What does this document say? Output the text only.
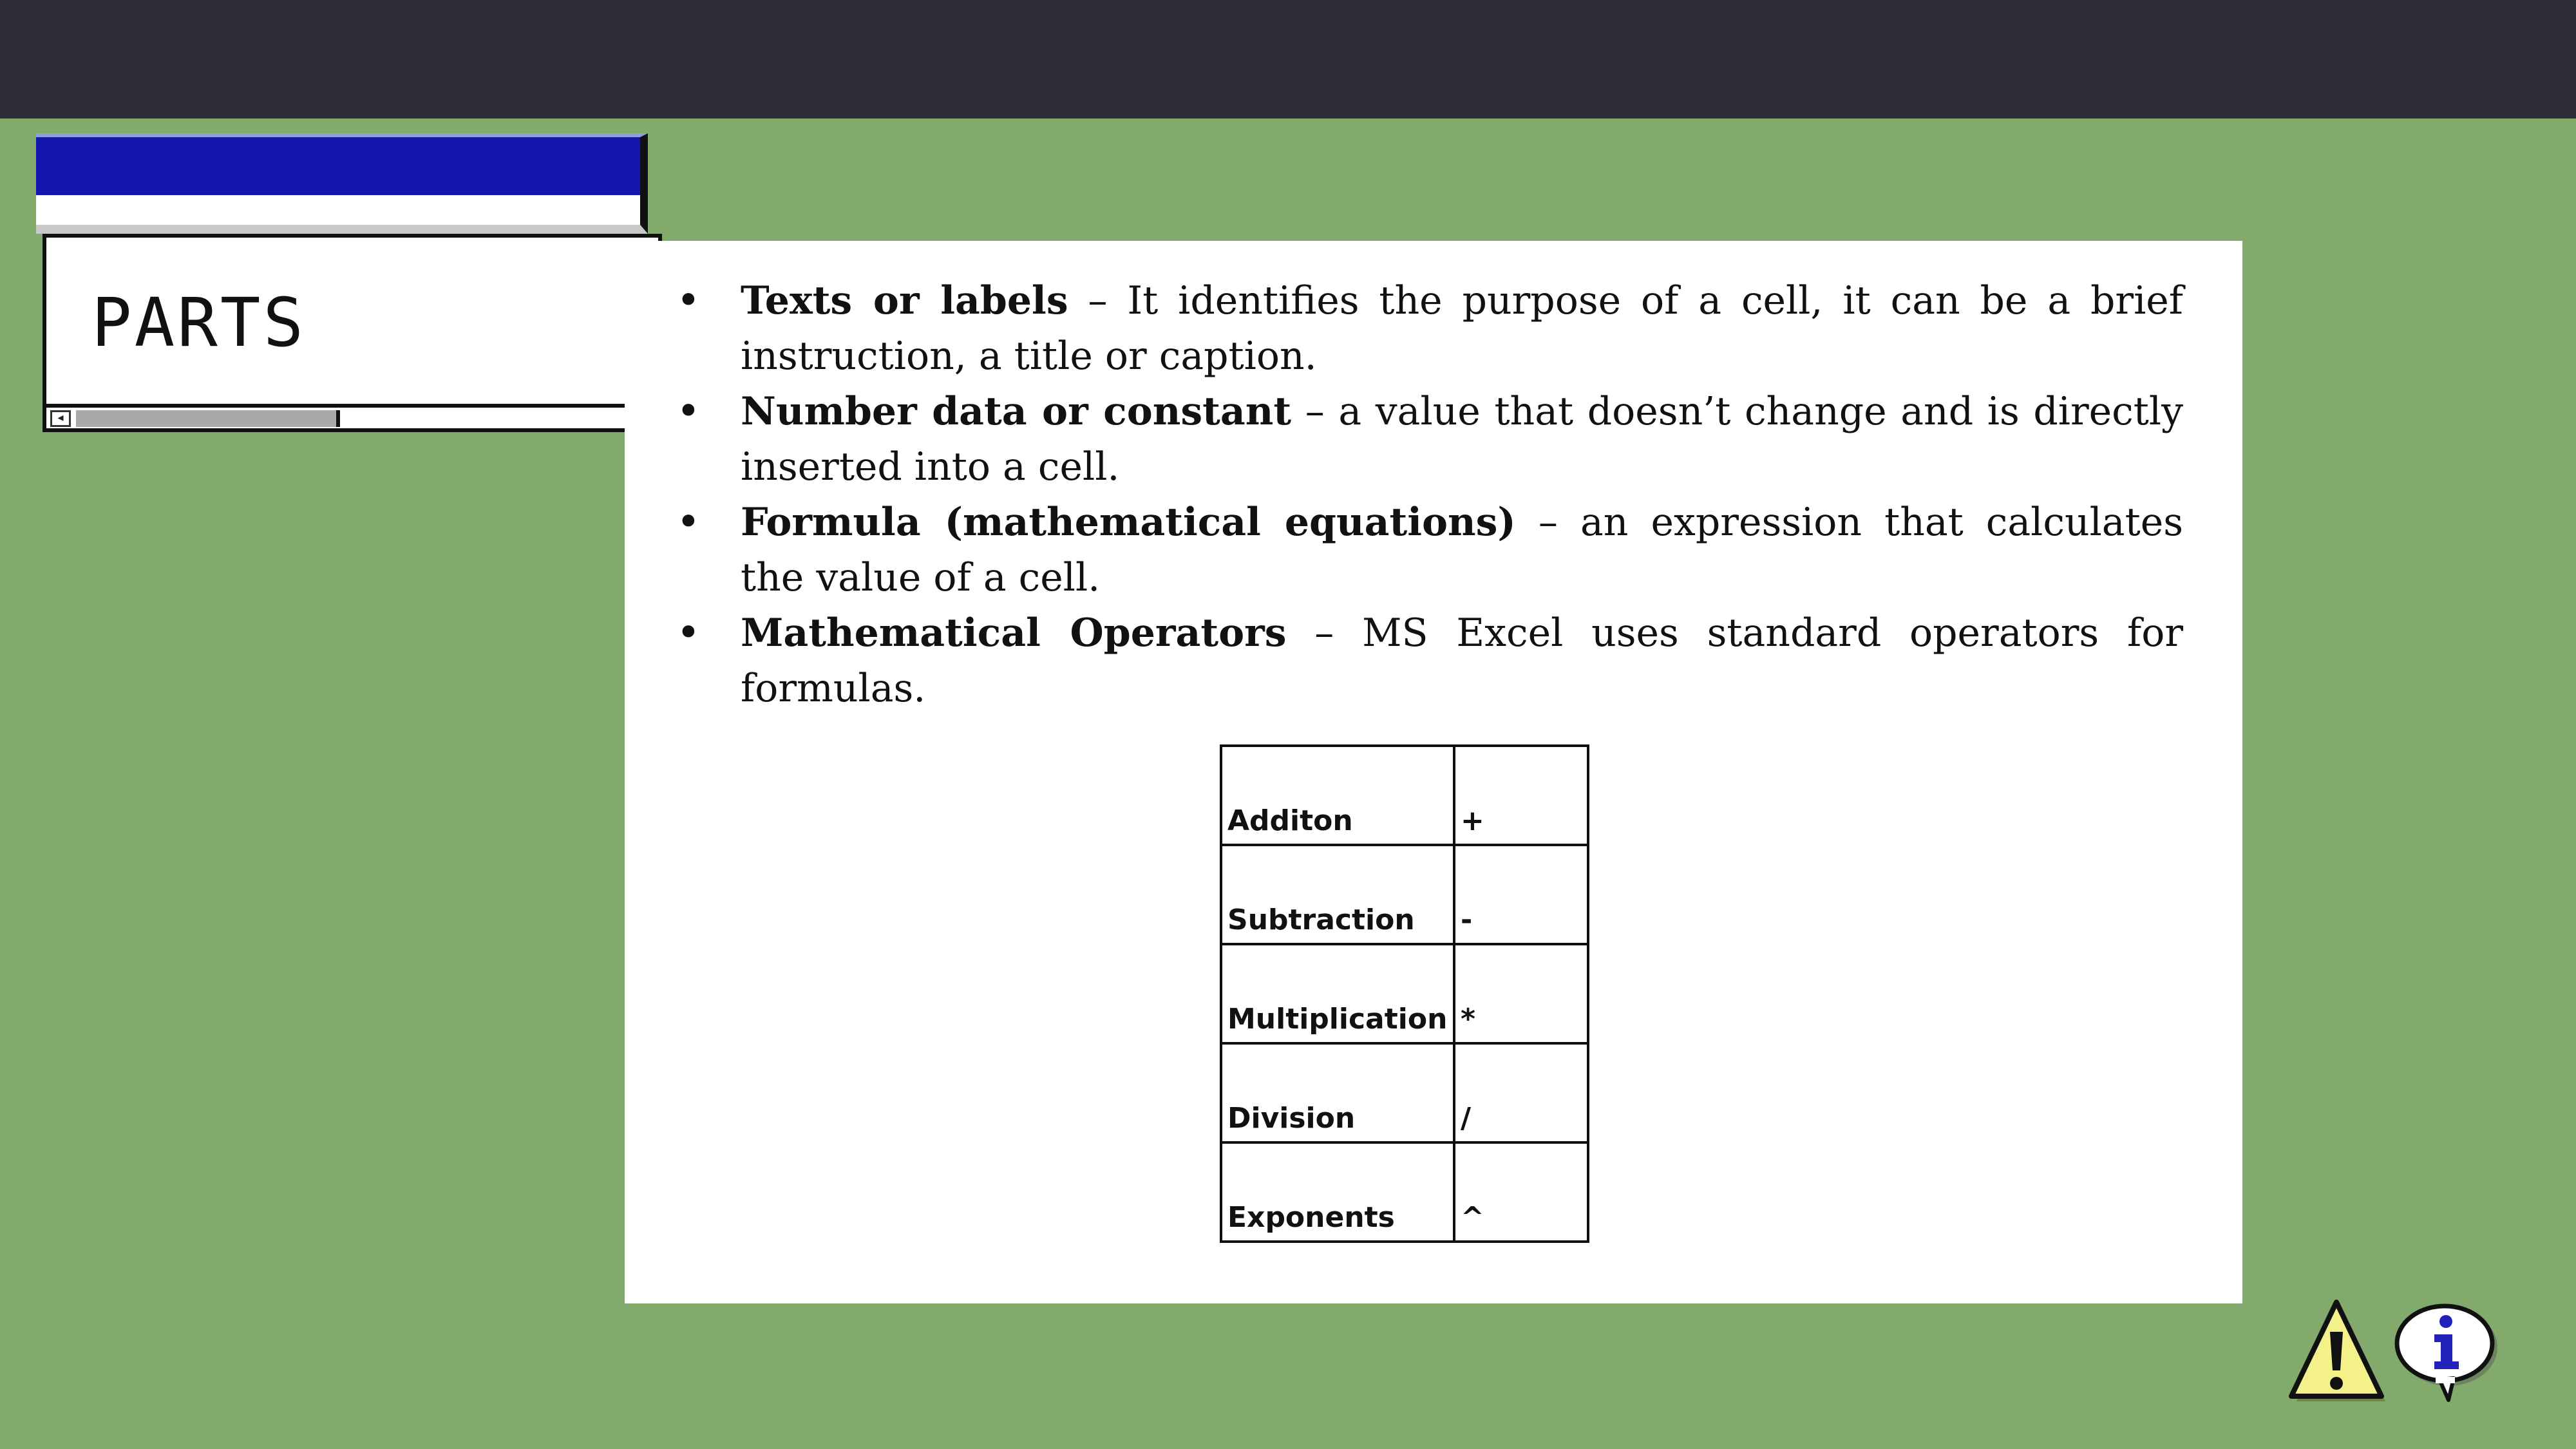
PARTS
◂
• Texts or labels – It identifies the purpose of a cell, it can be a brief instruction, a title or caption.
• Number data or constant – a value that doesn’t change and is directly inserted into a cell.
• Formula (mathematical equations) – an expression that calculates the value of a cell.
• Mathematical Operators – MS Excel uses standard operators for formulas.
Additon	+
Subtraction	-
Multiplication	*
Division	/
Exponents	^
